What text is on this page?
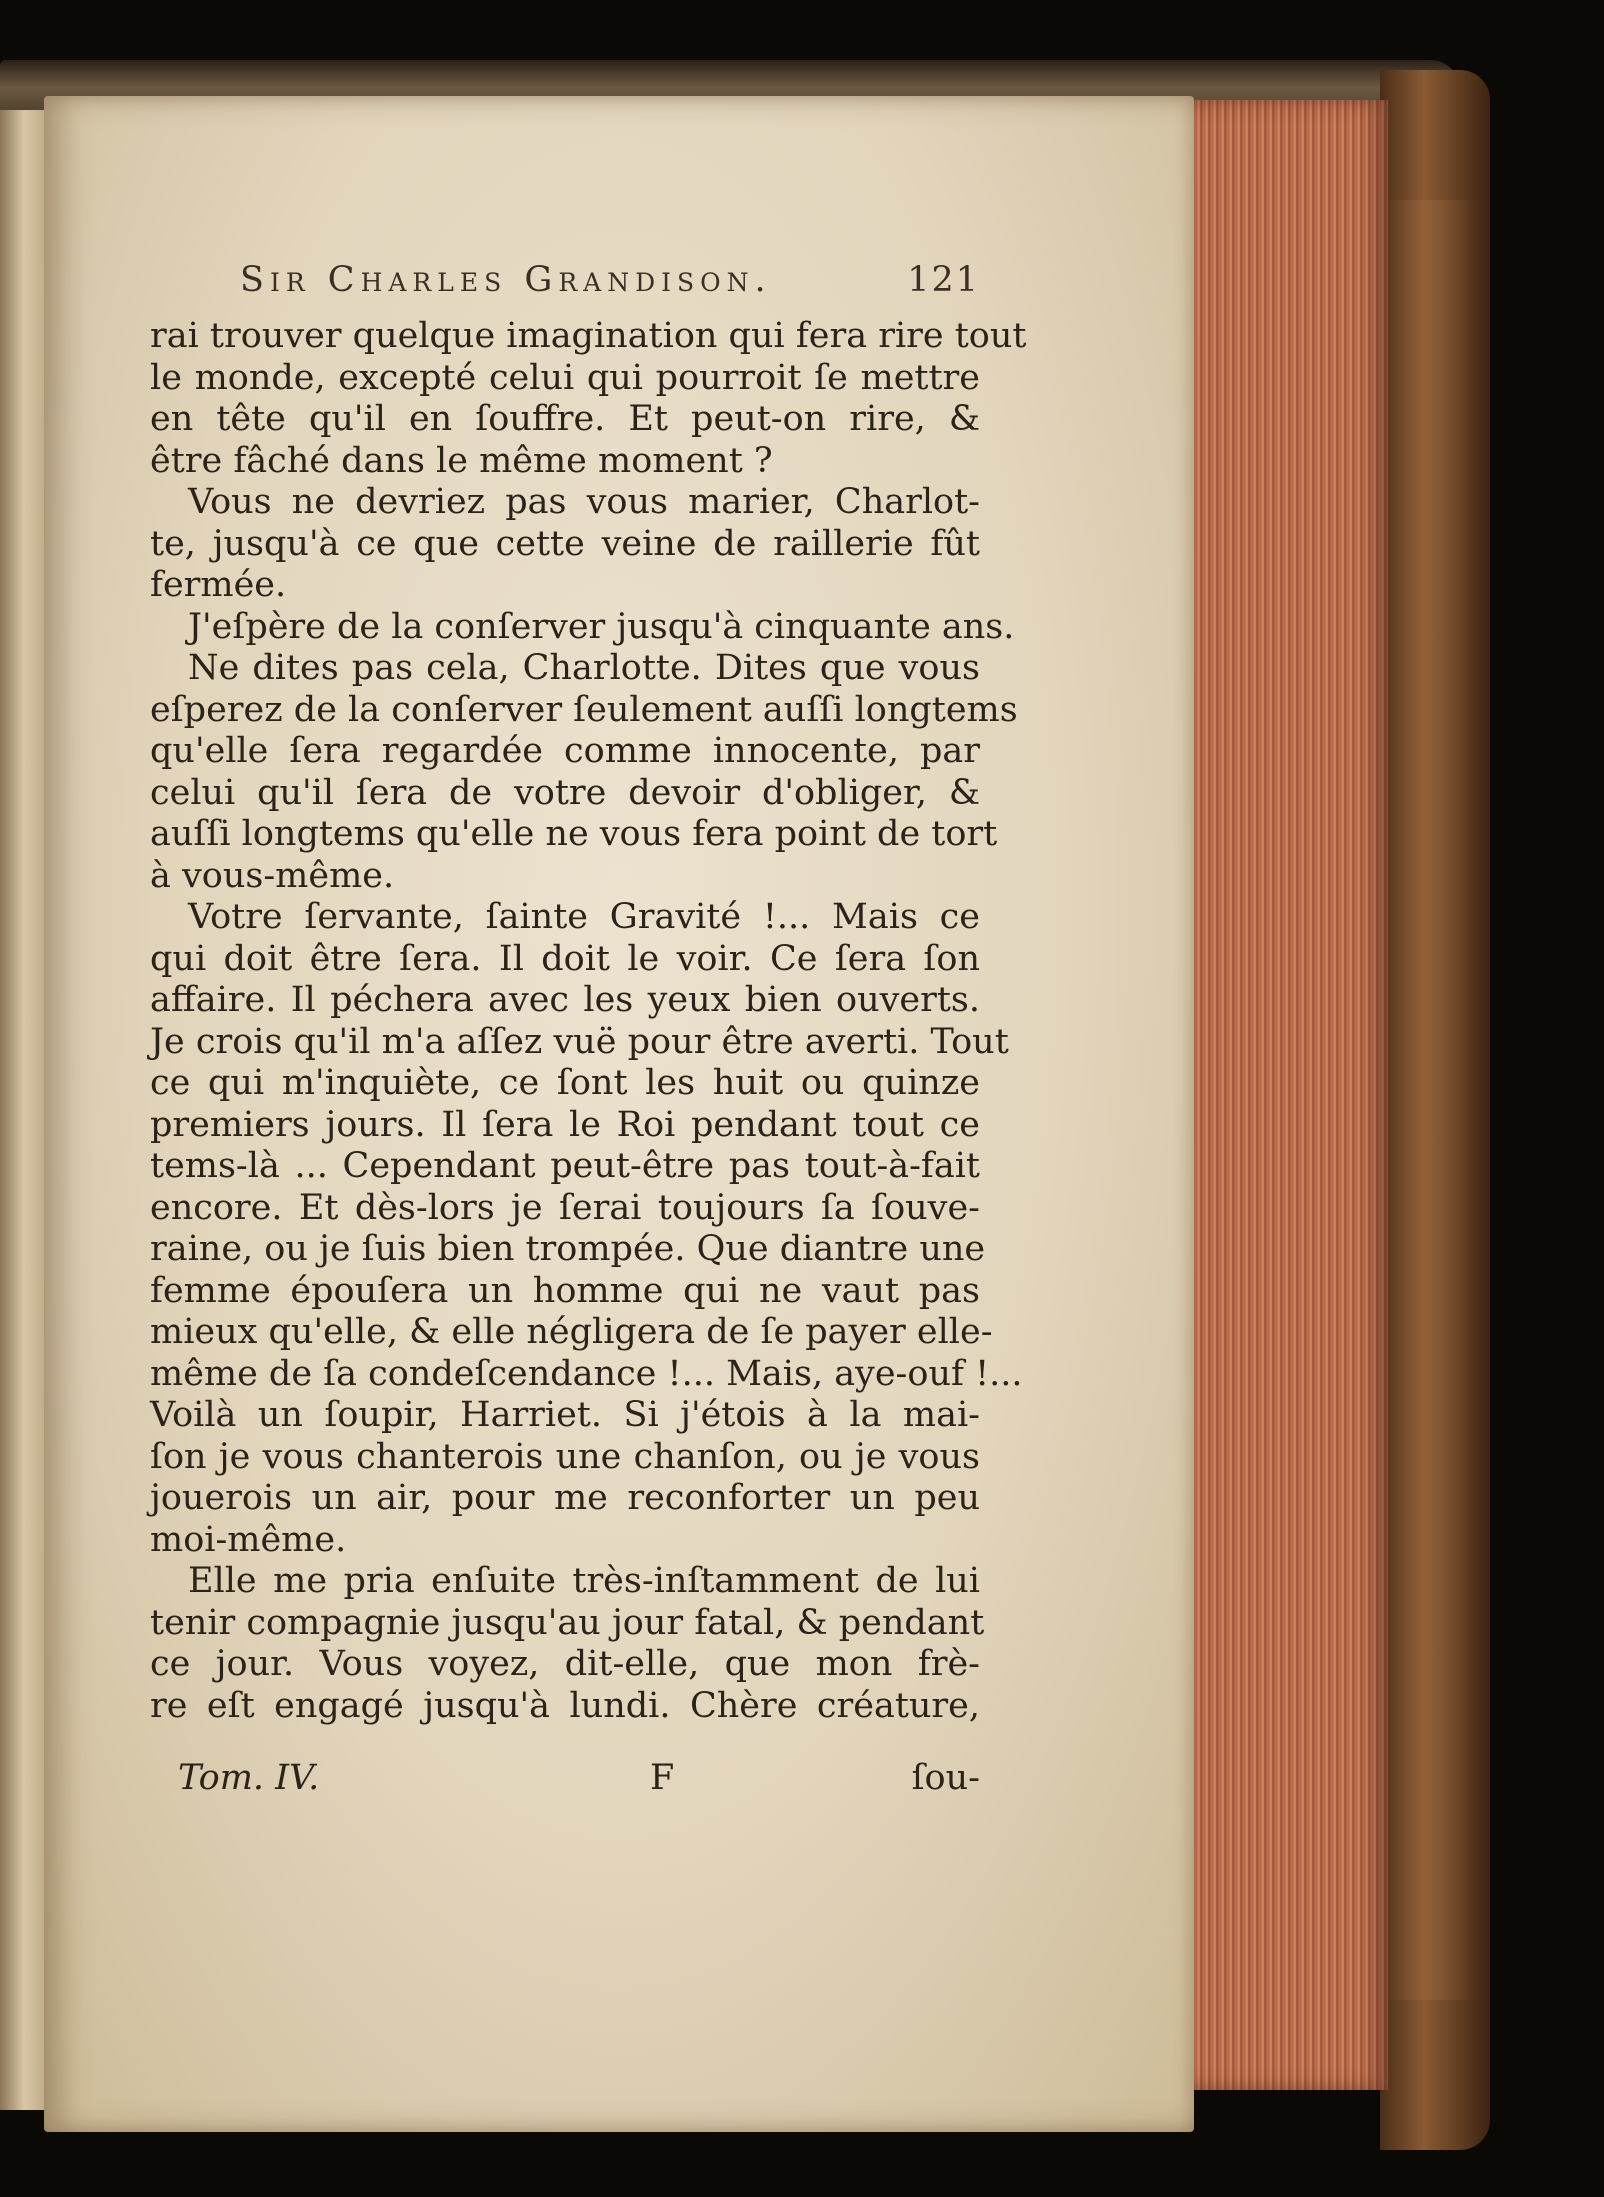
Sir Charles Grandison.	121
rai trouver quelque imagination qui fera rire tout
le monde, excepté celui qui pourroit ſe mettre
en tête qu'il en ſouffre. Et peut-on rire, &
être fâché dans le même moment ?
Vous ne devriez pas vous marier, Charlot-
te, jusqu'à ce que cette veine de raillerie fût
fermée.
J'eſpère de la conſerver jusqu'à cinquante ans.
Ne dites pas cela, Charlotte. Dites que vous
eſperez de la conſerver ſeulement auſſi longtems
qu'elle ſera regardée comme innocente, par
celui qu'il ſera de votre devoir d'obliger, &
auſſi longtems qu'elle ne vous fera point de tort
à vous-même.
Votre ſervante, ſainte Gravité !... Mais ce
qui doit être ſera. Il doit le voir. Ce ſera ſon
affaire. Il péchera avec les yeux bien ouverts.
Je crois qu'il m'a aſſez vuë pour être averti. Tout
ce qui m'inquiète, ce ſont les huit ou quinze
premiers jours. Il ſera le Roi pendant tout ce
tems-là ... Cependant peut-être pas tout-à-fait
encore. Et dès-lors je ſerai toujours ſa ſouve-
raine, ou je ſuis bien trompée. Que diantre une
femme épouſera un homme qui ne vaut pas
mieux qu'elle, & elle négligera de ſe payer elle-
même de ſa condeſcendance !... Mais, aye-ouf !...
Voilà un ſoupir, Harriet. Si j'étois à la mai-
ſon je vous chanterois une chanſon, ou je vous
jouerois un air, pour me reconforter un peu
moi-même.
Elle me pria enſuite très-inſtamment de lui
tenir compagnie jusqu'au jour fatal, & pendant
ce jour. Vous voyez, dit-elle, que mon frè-
re eſt engagé jusqu'à lundi. Chère créature,
Tom. IV.	F	ſou-
